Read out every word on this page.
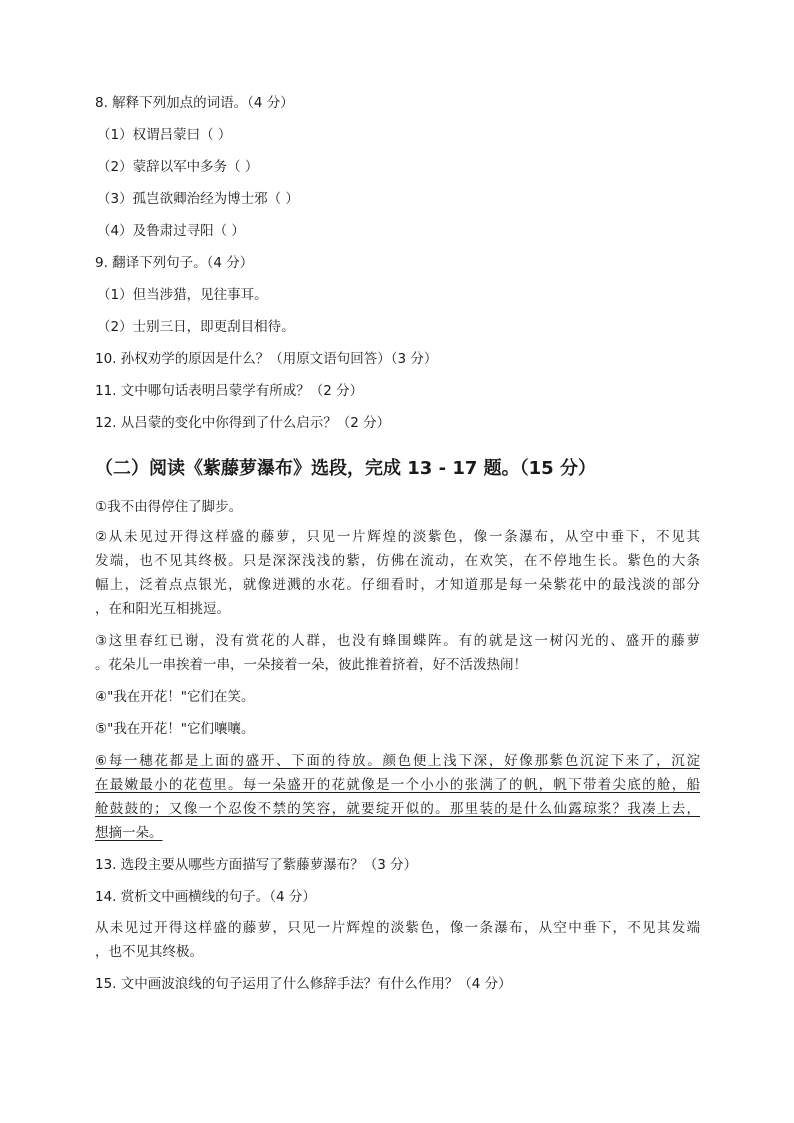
8. 解释下列加点的词语。（4 分）
（1）权谓吕蒙曰（ ）
（2）蒙辞以军中多务（ ）
（3）孤岂欲卿治经为博士邪（ ）
（4）及鲁肃过寻阳（ ）
9. 翻译下列句子。（4 分）
（1）但当涉猎，见往事耳。
（2）士别三日，即更刮目相待。
10. 孙权劝学的原因是什么？（用原文语句回答）（3 分）
11. 文中哪句话表明吕蒙学有所成？（2 分）
12. 从吕蒙的变化中你得到了什么启示？（2 分）
（二）阅读《紫藤萝瀑布》选段，完成 13 - 17 题。（15 分）
①我不由得停住了脚步。
②从未见过开得这样盛的藤萝，只见一片辉煌的淡紫色，像一条瀑布，从空中垂下，不见其
发端，也不见其终极。只是深深浅浅的紫，仿佛在流动，在欢笑，在不停地生长。紫色的大条
幅上，泛着点点银光，就像迸溅的水花。仔细看时，才知道那是每一朵紫花中的最浅淡的部分
，在和阳光互相挑逗。
③这里春红已谢，没有赏花的人群，也没有蜂围蝶阵。有的就是这一树闪光的、盛开的藤萝
。花朵儿一串挨着一串，一朵接着一朵，彼此推着挤着，好不活泼热闹！
④"我在开花！"它们在笑。
⑤"我在开花！"它们嚷嚷。
⑥每一穗花都是上面的盛开、下面的待放。颜色便上浅下深，好像那紫色沉淀下来了，沉淀
在最嫩最小的花苞里。每一朵盛开的花就像是一个小小的张满了的帆，帆下带着尖底的舱，船
舱鼓鼓的；又像一个忍俊不禁的笑容，就要绽开似的。那里装的是什么仙露琼浆？我凑上去，
想摘一朵。
13. 选段主要从哪些方面描写了紫藤萝瀑布？（3 分）
14. 赏析文中画横线的句子。（4 分）
从未见过开得这样盛的藤萝，只见一片辉煌的淡紫色，像一条瀑布，从空中垂下，不见其发端
，也不见其终极。
15. 文中画波浪线的句子运用了什么修辞手法？有什么作用？（4 分）
